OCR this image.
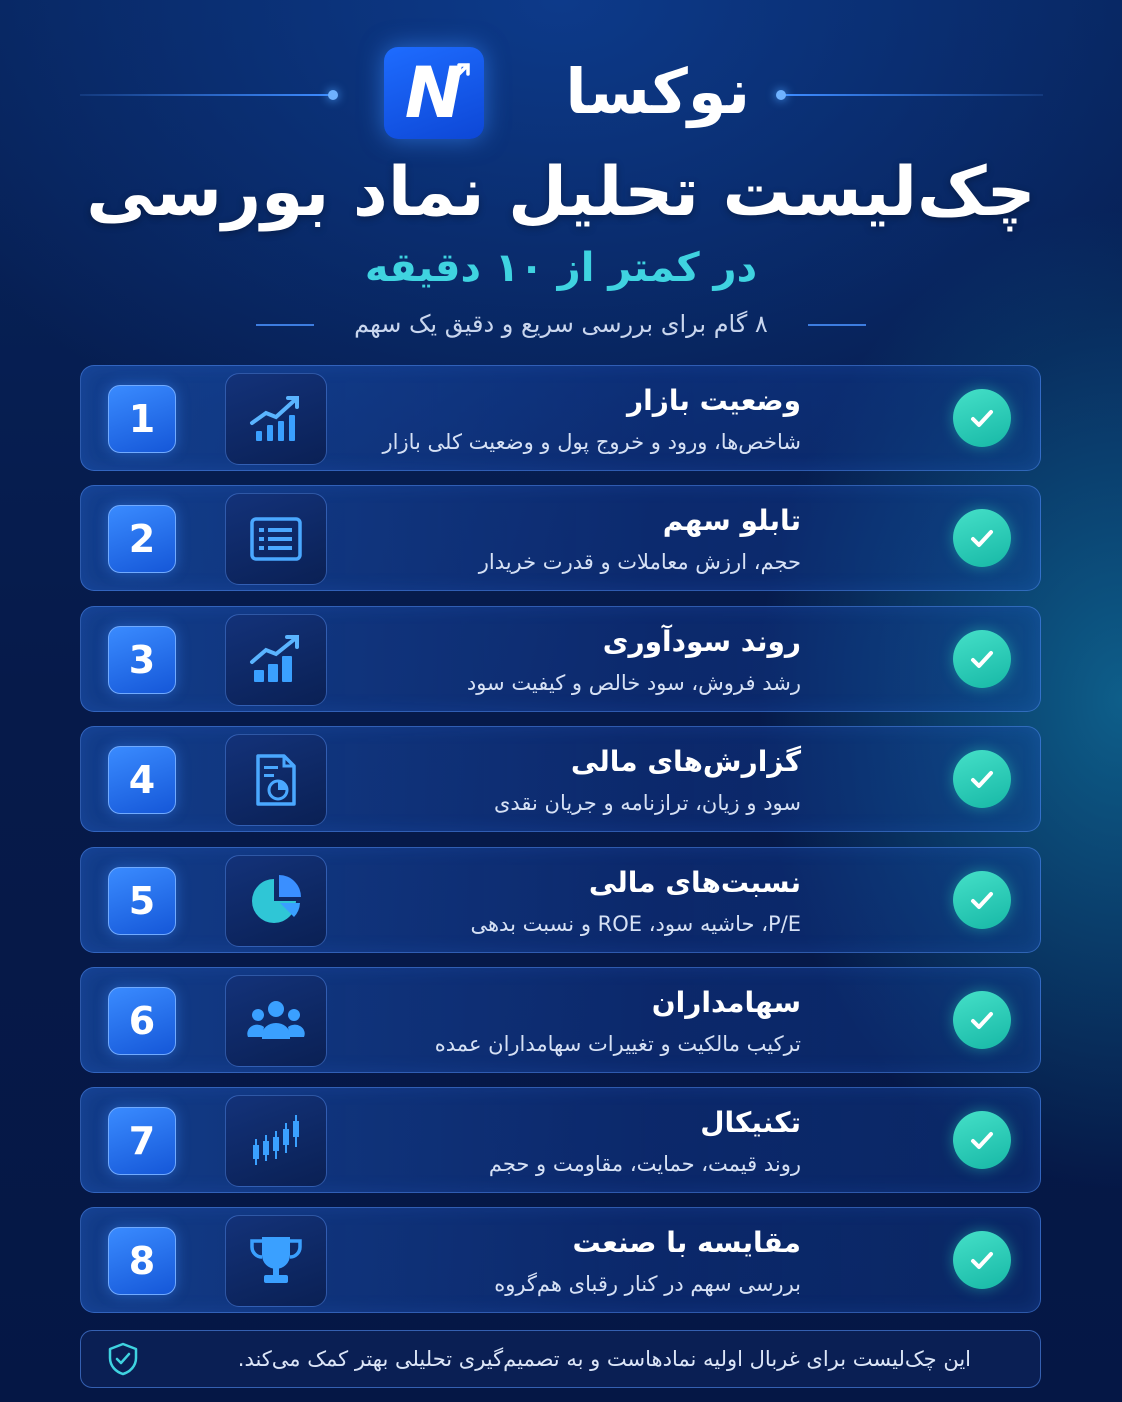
N	نوکسا
چک‌لیست تحلیل نماد بورسی
در کمتر از ۱۰ دقیقه
۸ گام برای بررسی سریع و دقیق یک سهم
1	وضعیت بازار
شاخص‌ها، ورود و خروج پول و وضعیت کلی بازار
2	تابلو سهم
حجم، ارزش معاملات و قدرت خریدار
3	روند سودآوری
رشد فروش، سود خالص و کیفیت سود
4	گزارش‌های مالی
سود و زیان، ترازنامه و جریان نقدی
5	نسبت‌های مالی
P/E، حاشیه سود، ROE و نسبت بدهی
6	سهامداران
ترکیب مالکیت و تغییرات سهامداران عمده
7	تکنیکال
روند قیمت، حمایت، مقاومت و حجم
8	مقایسه با صنعت
بررسی سهم در کنار رقبای هم‌گروه
این چک‌لیست برای غربال اولیه نمادهاست و به تصمیم‌گیری تحلیلی بهتر کمک می‌کند.
